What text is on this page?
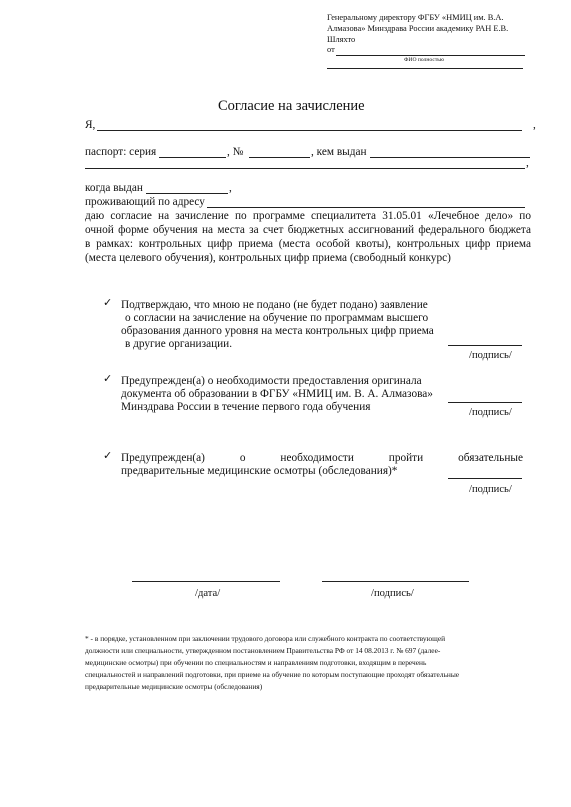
Генеральному директору ФГБУ «НМИЦ им. В.А.
Алмазова» Минздрава России академику РАН Е.В.
Шляхто
от
ФИО полностью
Согласие на зачисление
Я,	,
паспорт: серия	, №	, кем выдан
,
когда выдан	,
проживающий по адресу
даю согласие на зачисление по программе специалитета 31.05.01 «Лечебное дело» по
очной форме обучения на места за счет бюджетных ассигнований федерального бюджета
в рамках: контрольных цифр приема (места особой квоты), контрольных цифр приема
(места целевого обучения), контрольных цифр приема (свободный конкурс)
✓ Подтверждаю, что мною не подано (не будет подано) заявление
о согласии на зачисление на обучение по программам высшего
образования данного уровня на места контрольных цифр приема
в другие организации.
/подпись/
✓ Предупрежден(а) о необходимости предоставления оригинала
документа об образовании в ФГБУ «НМИЦ им. В. А. Алмазова»
Минздрава России в течение первого года обучения	/подпись/
✓ Предупрежден(а) о необходимости пройти обязательные
предварительные медицинские осмотры (обследования)*
/подпись/
/дата/	/подпись/
* - в порядке, установленном при заключении трудового договора или служебного контракта по соответствующей
должности или специальности, утвержденном постановлением Правительства РФ от 14 08.2013 г. № 697 (далее-
медицинские осмотры) при обучении по специальностям и направлениям подготовки, входящим в перечень
специальностей и направлений подготовки, при приеме на обучение по которым поступающие проходят обязательные
предварительные медицинские осмотры (обследования)
